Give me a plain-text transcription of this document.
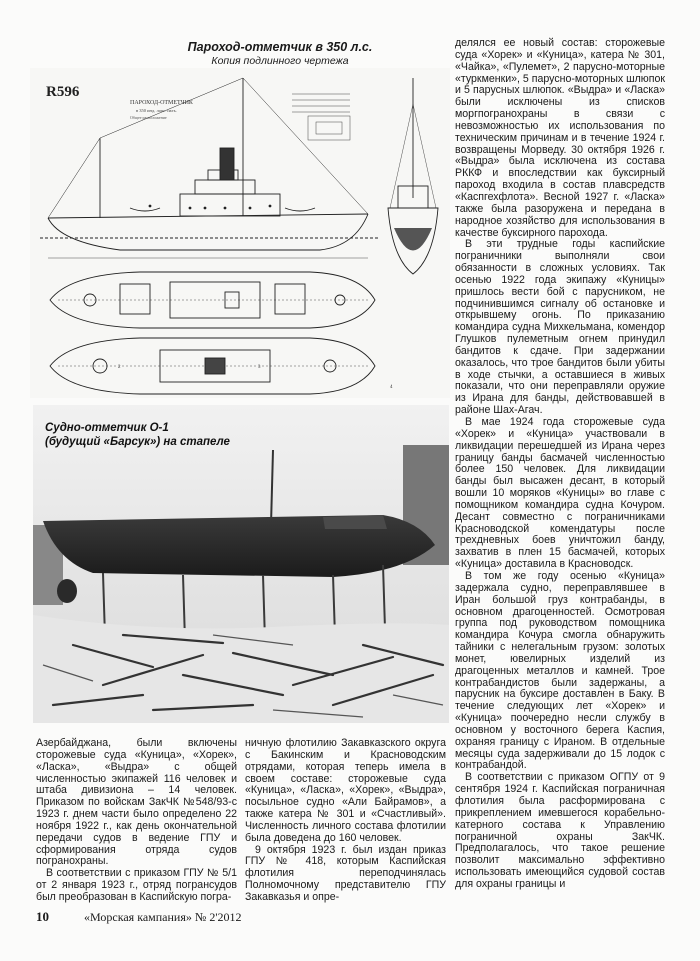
Пароход-отметчик в 350 л.с.
Копия подлинного чертежа
R596
ПАРОХОД-ОТМЕТЧИК
в 350 инд. лош. силъ.
Общее расположение
2	3
4
Судно-отметчик О-1
(будущий «Барсук») на стапеле

делялся ее новый состав: сторожевые суда «Хорек» и «Куница», катера № 301, «Чайка», «Пулемет», 2 парусно-моторные «туркменки», 5 парусно-моторных шлюпок и 5 парусных шлюпок. «Выдра» и «Ласка» были исключены из списков моргпогранохраны в связи с невозможностью их использования по техническим причинам и в течение 1924 г. возвращены Морведу. 30 октября 1926 г. «Выдра» была исключена из состава РККФ и впоследствии как буксирный пароход входила в состав плавсредств «Каспгехфлота». Весной 1927 г. «Ласка» также была разоружена и передана в народное хозяйство для использования в качестве буксирного парохода.

В эти трудные годы каспийские пограничники выполняли свои обязанности в сложных условиях. Так осенью 1922 года экипажу «Куницы» пришлось вести бой с парусником, не подчинившимся сигналу об остановке и открывшему огонь. По приказанию командира судна Михкельмана, комендор Глушков пулеметным огнем принудил бандитов к сдаче. При задержании оказалось, что трое бандитов были убиты в ходе стычки, а оставшиеся в живых показали, что они переправляли оружие из Ирана для банды, действовавшей в районе Шах-Агач.

В мае 1924 года сторожевые суда «Хорек» и «Куница» участвовали в ликвидации перешедшей из Ирана через границу банды басмачей численностью более 150 человек. Для ликвидации банды был высажен десант, в который вошли 10 моряков «Куницы» во главе с помощником командира судна Кочуром. Десант совместно с пограничниками Красноводской комендатуры после трехдневных боев уничтожил банду, захватив в плен 15 басмачей, которых «Куница» доставила в Красноводск.

В том же году осенью «Куница» задержала судно, переправлявшее в Иран большой груз контрабанды, в основном драгоценностей. Осмотровая группа под руководством помощника командира Кочура смогла обнаружить тайники с нелегальным грузом: золотых монет, ювелирных изделий из драгоценных металлов и камней. Трое контрабандистов были задержаны, а парусник на буксире доставлен в Баку. В течение следующих лет «Хорек» и «Куница» поочередно несли службу в основном у восточного берега Каспия, охраняя границу с Ираном. В отдельные месяцы суда задерживали до 15 лодок с контрабандой.

В соответствии с приказом ОГПУ от 9 сентября 1924 г. Каспийская пограничная флотилия была расформирована с прикреплением имевшегося корабельно-катерного состава к Управлению пограничной охраны ЗакЧК. Предполагалось, что такое решение позволит максимально эффективно использовать имеющийся судовой состав для охраны границы и

Азербайджана, были включены сторожевые суда «Куница», «Хорек», «Ласка», «Выдра» с общей численностью экипажей 116 человек и штаба дивизиона – 14 человек. Приказом по войскам ЗакЧК №548/93-с 1923 г. днем части было определено 22 ноября 1922 г., как день окончательной передачи судов в ведение ГПУ и сформирования отряда судов погранохраны.

В соответствии с приказом ГПУ № 5/1 от 2 января 1923 г., отряд погрансудов был преобразован в Каспийскую погра-

ничную флотилию Закавказского округа с Бакинским и Красноводским отрядами, которая теперь имела в своем составе: сторожевые суда «Куница», «Ласка», «Хорек», «Выдра», посыльное судно «Али Байрамов», а также катера № 301 и «Счастливый». Численность личного состава флотилии была доведена до 160 человек.

9 октября 1923 г. был издан приказ ГПУ № 418, которым Каспийская флотилия переподчинялась Полномочному представителю ГПУ Закавказья и опре-

10	«Морская кампания» № 2'2012
